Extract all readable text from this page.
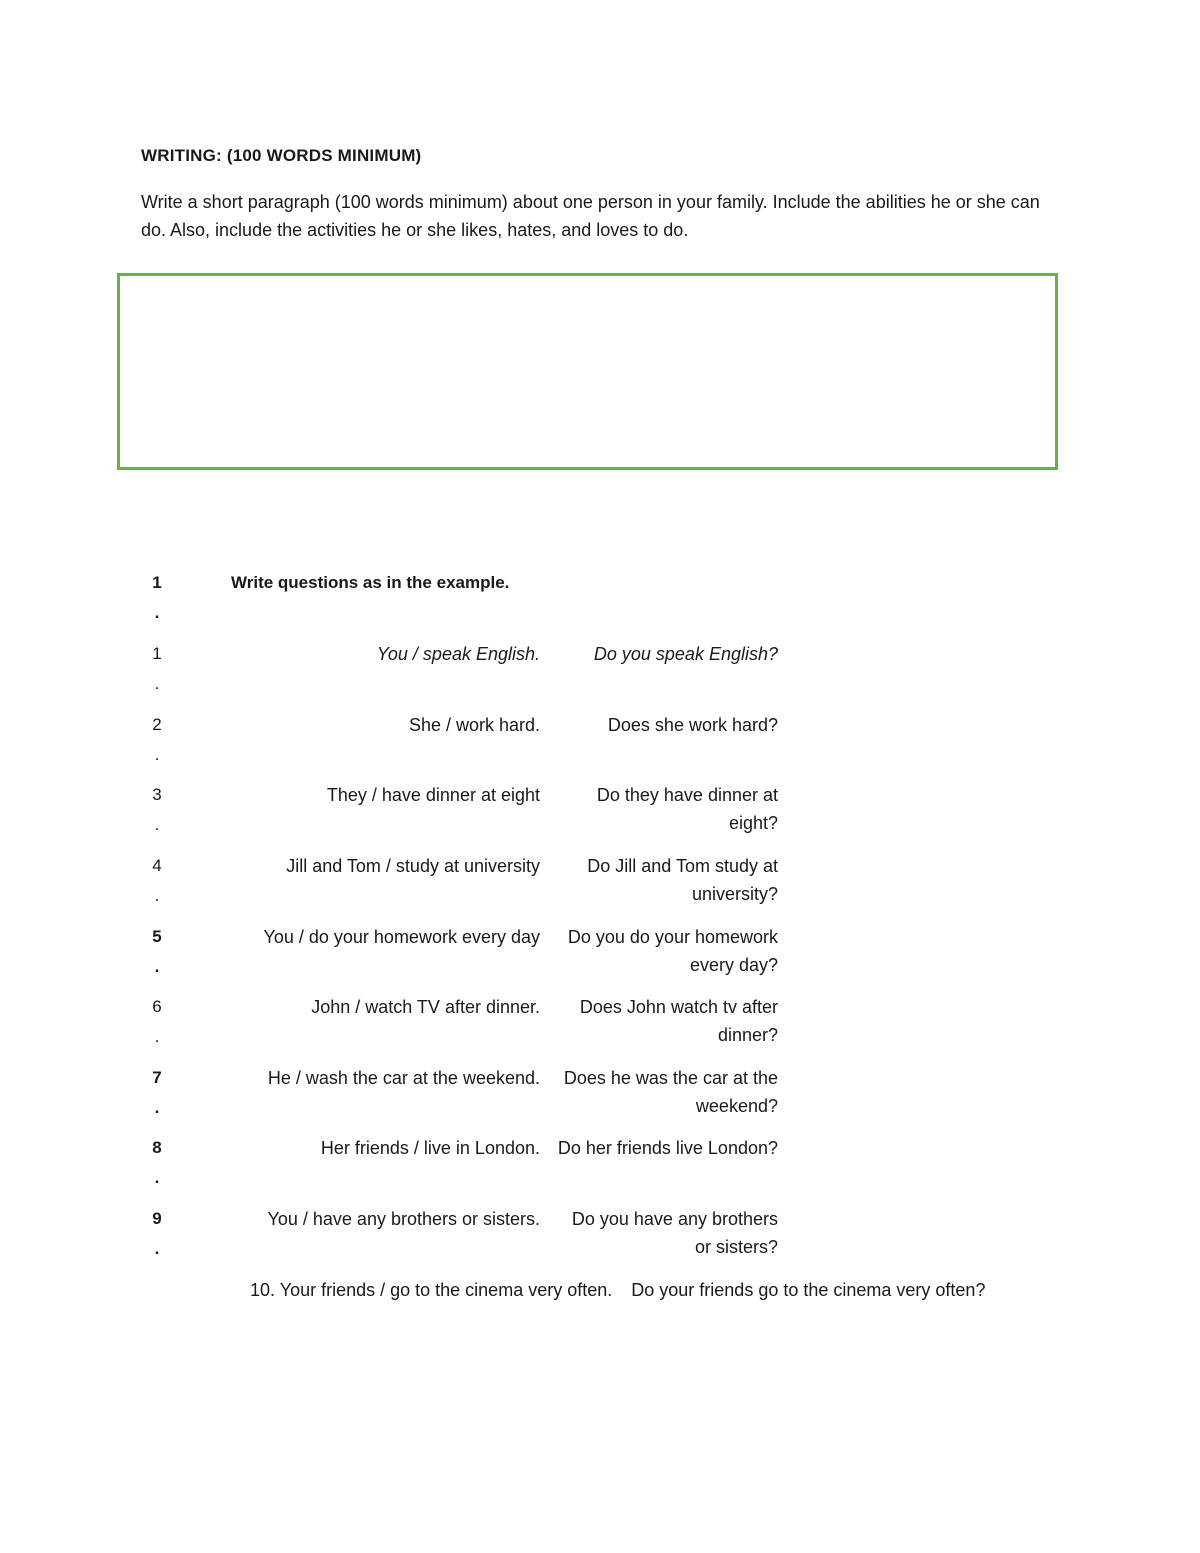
WRITING: (100 WORDS MINIMUM)
Write a short paragraph (100 words minimum) about one person in your family. Include the abilities he or she can do. Also, include the activities he or she likes, hates, and loves to do.
1
.
Write questions as in the example.
1
.
You / speak English.	Do you speak English?
2
.
She / work hard.	Does she work hard?
3
.
They / have dinner at eight	Do they have dinner at eight?
4
.
Jill and Tom / study at university	Do Jill and Tom study at university?
5
.
You / do your homework every day	Do you do your homework every day?
6
.
John / watch TV after dinner.	Does John watch tv after dinner?
7
.
He / wash the car at the weekend.	Does he was the car at the weekend?
8
.
Her friends / live in London. Do her friends live London?
9
.
You / have any brothers or sisters.	Do you have any brothers or sisters?
10. Your friends / go to the cinema very often. Do your friends go to the cinema very often?
